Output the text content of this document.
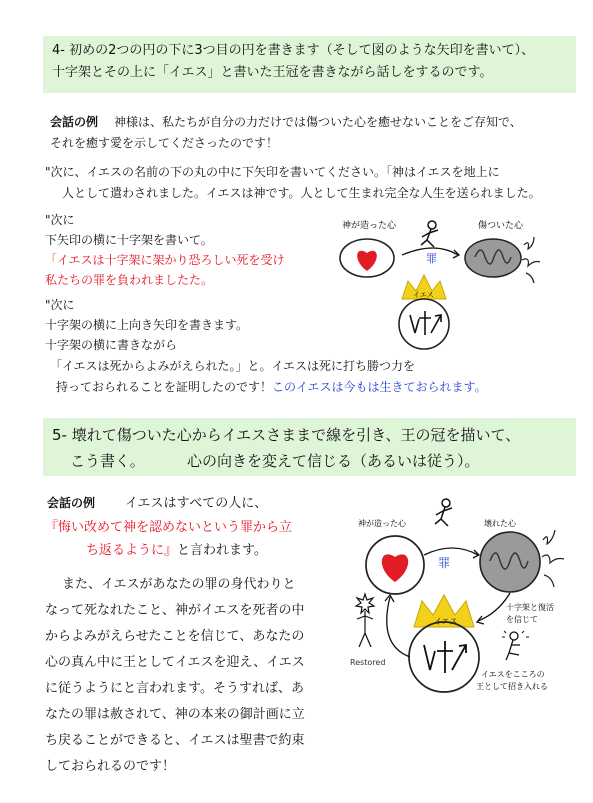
4- 初めの2つの円の下に3つ目の円を書きます（そして図のような矢印を書いて）、
十字架とその上に「イエス」と書いた王冠を書きながら話しをするのです。
会話の例 神様は、私たちが自分の力だけでは傷ついた心を癒せないことをご存知で、
それを癒す愛を示してくださったのです！
"次に、イエスの名前の下の丸の中に下矢印を書いてください。「神はイエスを地上に
人として遣わされました。イエスは神です。人として生まれ完全な人生を送られました。
"次に
下矢印の横に十字架を書いて。
「イエスは十字架に架かり恐ろしい死を受け
私たちの罪を負われましたた。
"次に
十字架の横に上向き矢印を書きます。
十字架の横に書きながら
「イエスは死からよみがえられた。」と。イエスは死に打ち勝つ力を
持っておられることを証明したのです！このイエスは今もは生きておられます。
神が造った心
罪
傷ついた心
イエス
5- 壊れて傷ついた心からイエスさままで線を引き、王の冠を描いて、
こう書く。	心の向きを変えて信じる（あるいは従う）。
会話の例 イエスはすべての人に、
『悔い改めて神を認めないという罪から立
ち返るように』と言われます。
また、イエスがあなたの罪の身代わりと
なって死なれたこと、神がイエスを死者の中
からよみがえらせたことを信じて、あなたの
心の真ん中に王としてイエスを迎え、イエス
に従うようにと言われます。そうすれば、あ
なたの罪は赦されて、神の本来の御計画に立
ち戻ることができると、イエスは聖書で約束
しておられるのです！
神が造った心
罪
壊れた心
十字架と復活
を信じて
イエス
Restored
イエスをこころの
王として招き入れる
